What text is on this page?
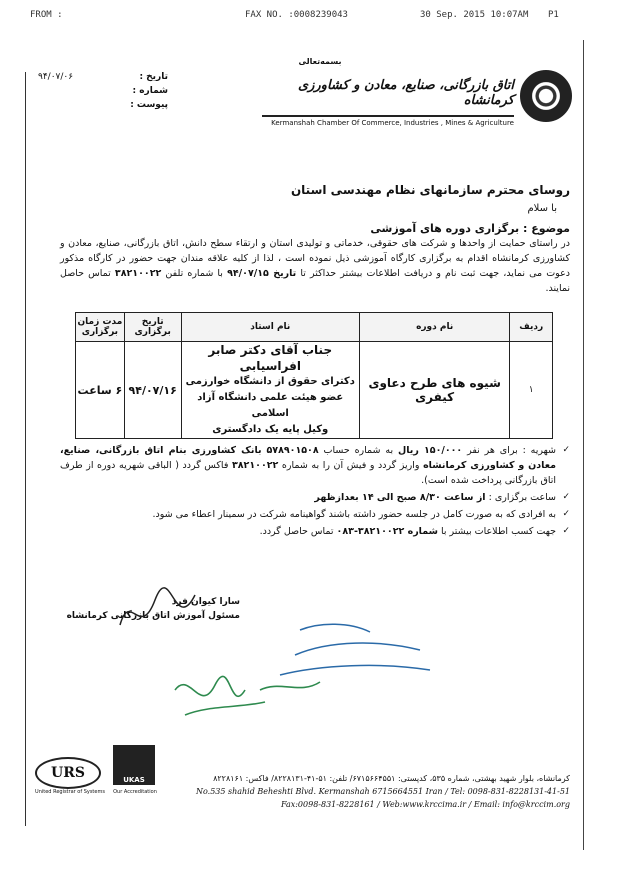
FROM :	FAX NO. :0008239043	30 Sep. 2015 10:07AM P1
بسمه‌تعالی
اتاق بازرگانی، صنایع، معادن و کشاورزی کرمانشاه
Kermanshah Chamber Of Commerce, Industries , Mines & Agriculture
تاریخ :
۹۴/۰۷/۰۶
شماره :
پیوست :
روسای محترم سازمانهای نظام مهندسی استان
با سلام
موضوع : برگزاری دوره های آموزشی
در راستای حمایت از واحدها و شرکت های حقوقی، خدماتی و تولیدی استان و ارتقاء سطح دانش، اتاق بازرگانی، صنایع، معادن و کشاورزی کرمانشاه اقدام به برگزاری کارگاه آموزشی ذیل نموده است ، لذا از کلیه علاقه مندان جهت حضور در کارگاه مذکور دعوت می نماید، جهت ثبت نام و دریافت اطلاعات بیشتر حداکثر تا تاریخ ۹۴/۰۷/۱۵ با شماره تلفن ۳۸۲۱۰۰۲۲ تماس حاصل نمایند.
ردیف	نام دوره	نام استاد	تاریخ برگزاری	مدت زمان برگزاری
۱	شیوه های طرح دعاوی کیفری	جناب آقای دکتر صابر افراسیابی
دکترای حقوق از دانشگاه خوارزمی
عضو هیئت علمی دانشگاه آزاد اسلامی
وکیل پایه یک دادگستری	۹۴/۰۷/۱۶	۶ ساعت
✓
شهریه : برای هر نفر ۱۵۰/۰۰۰ ریال به شماره حساب ۵۷۸۹۰۱۵۰۸ بانک کشاورزی بنام اتاق بازرگانی، صنایع، معادن و کشاورزی کرمانشاه واریز گردد و فیش آن را به شماره ۳۸۲۱۰۰۲۲ فاکس گردد ( الباقی شهریه دوره از طرف اتاق بازرگانی پرداخت شده است).
✓
ساعت برگزاری : از ساعت ۸/۳۰ صبح الی ۱۴ بعدازظهر
✓
به افرادی که به صورت کامل در جلسه حضور داشته باشند گواهینامه شرکت در سمینار اعطاء می شود.
✓
جهت کسب اطلاعات بیشتر با شماره ۳۸۲۱۰۰۲۲-۰۸۳ تماس حاصل گردد.
سارا کیوان فرد
مسئول آموزش اتاق بازرگانی کرمانشاه
URS
United Registrar of Systems
UKAS
Our Accreditation
کرمانشاه، بلوار شهید بهشتی، شماره ۵۳۵، کدپستی: ۶۷۱۵۶۶۴۵۵۱/ تلفن: ۵۱-۴۱-۸۲۲۸۱۳۱/ فاکس: ۸۲۲۸۱۶۱
No.535 shahid Beheshti Blvd. Kermanshah 6715664551 Iran / Tel: 0098-831-8228131-41-51
Fax:0098-831-8228161 / Web:www.krccima.ir / Email: info@krccim.org
